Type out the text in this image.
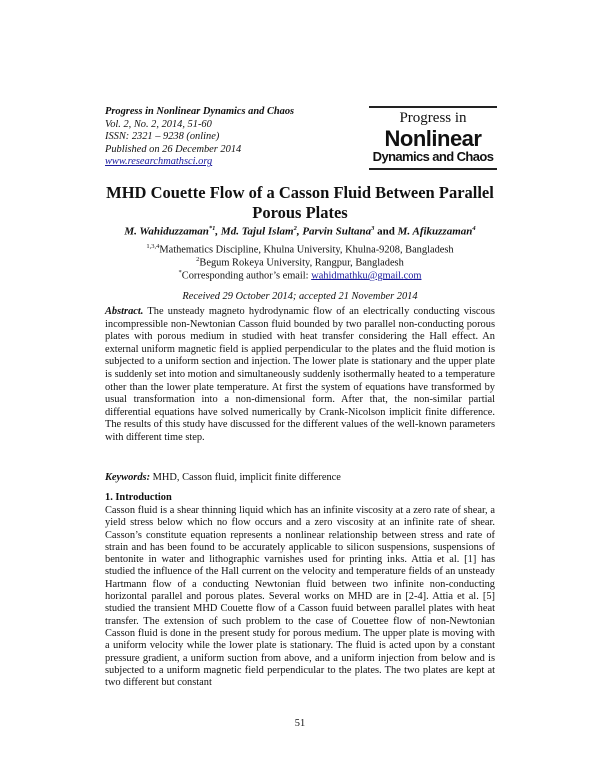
Progress in Nonlinear Dynamics and Chaos
Vol. 2, No. 2, 2014, 51-60
ISSN: 2321 – 9238 (online)
Published on 26 December 2014
www.researchmathsci.org
Progress in
Nonlinear
Dynamics and Chaos
MHD Couette Flow of a Casson Fluid Between Parallel
Porous Plates
M. Wahiduzzaman$^{*1}$, Md. Tajul Islam$^2$, Parvin Sultana$^3$ and M. Afikuzzaman$^4$
$^{1,3,4}$Mathematics Discipline, Khulna University, Khulna-9208, Bangladesh
$^2$Begum Rokeya University, Rangpur, Bangladesh
*Corresponding author’s email: wahidmathku@gmail.com
Received 29 October 2014; accepted 21 November 2014
Abstract. The unsteady magneto hydrodynamic flow of an electrically conducting viscous incompressible non-Newtonian Casson fluid bounded by two parallel non-conducting porous plates with porous medium in studied with heat transfer considering the Hall effect. An external uniform magnetic field is applied perpendicular to the plates and the fluid motion is subjected to a uniform section and injection. The lower plate is stationary and the upper plate is suddenly set into motion and simultaneously suddenly isothermally heated to a temperature other than the lower plate temperature. At first the system of equations have transformed by usual transformation into a non-dimensional form. After that, the non-similar partial differential equations have solved numerically by Crank-Nicolson implicit finite difference. The results of this study have discussed for the different values of the well-known parameters with different time step.
Keywords: MHD, Casson fluid, implicit finite difference
1. Introduction
Casson fluid is a shear thinning liquid which has an infinite viscosity at a zero rate of shear, a yield stress below which no flow occurs and a zero viscosity at an infinite rate of shear. Casson’s constitute equation represents a nonlinear relationship between stress and rate of strain and has been found to be accurately applicable to silicon suspensions, suspensions of bentonite in water and lithographic varnishes used for printing inks. Attia et al. [1] has studied the influence of the Hall current on the velocity and temperature fields of an unsteady Hartmann flow of a conducting Newtonian fluid between two infinite non-conducting horizontal parallel and porous plates. Several works on MHD are in [2-4]. Attia et al. [5] studied the transient MHD Couette flow of a Casson fuuid between parallel plates with heat transfer. The extension of such problem to the case of Couettee flow of non-Newtonian Casson fluid is done in the present study for porous medium. The upper plate is moving with a uniform velocity while the lower plate is stationary. The fluid is acted upon by a constant pressure gradient, a uniform suction from above, and a uniform injection from below and is subjected to a uniform magnetic field perpendicular to the plates. The two plates are kept at two different but constant
51
